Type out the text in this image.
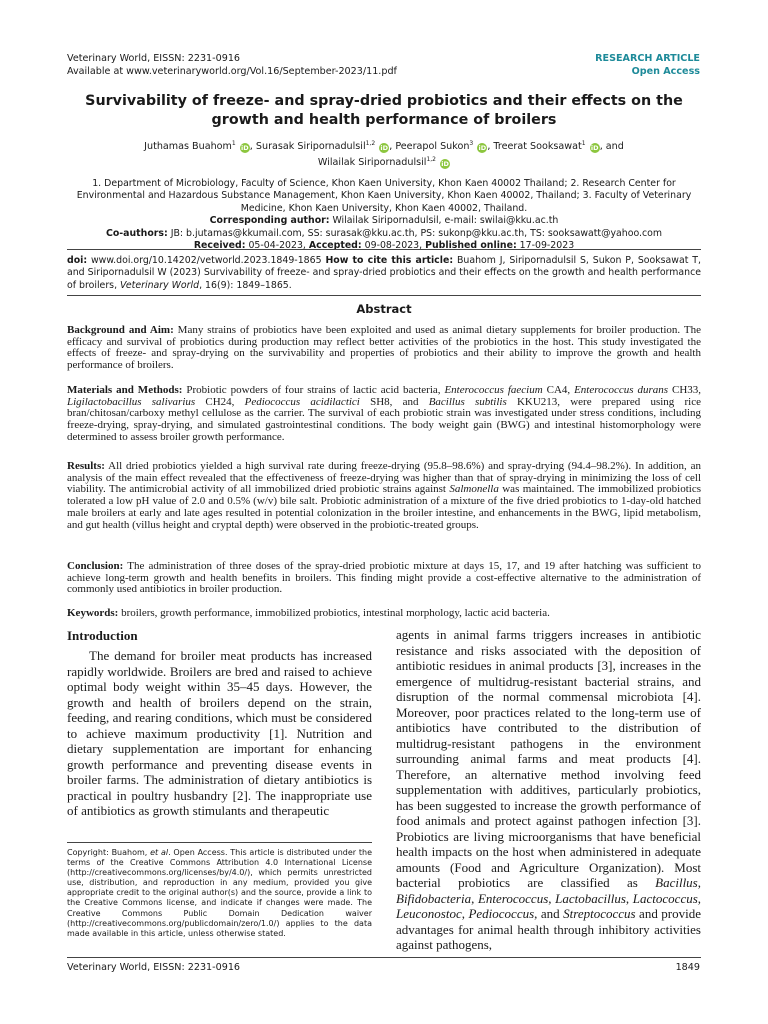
Veterinary World, EISSN: 2231-0916
Available at www.veterinaryworld.org/Vol.16/September-2023/11.pdf
RESEARCH ARTICLE
Open Access
Survivability of freeze- and spray-dried probiotics and their effects on the growth and health performance of broilers
Juthamas Buahom$^1$ iD, Surasak Siripornadulsil$^{1,2}$ iD, Peerapol Sukon$^3$ iD, Treerat Sooksawat$^1$ iD, and
Wilailak Siripornadulsil$^{1,2}$ iD
1. Department of Microbiology, Faculty of Science, Khon Kaen University, Khon Kaen 40002 Thailand; 2. Research Center for Environmental and Hazardous Substance Management, Khon Kaen University, Khon Kaen 40002, Thailand; 3. Faculty of Veterinary Medicine, Khon Kaen University, Khon Kaen 40002, Thailand.
Corresponding author: Wilailak Siripornadulsil, e-mail: swilai@kku.ac.th
Co-authors: JB: b.jutamas@kkumail.com, SS: surasak@kku.ac.th, PS: sukonp@kku.ac.th, TS: sooksawatt@yahoo.com
Received: 05-04-2023, Accepted: 09-08-2023, Published online: 17-09-2023
doi: www.doi.org/10.14202/vetworld.2023.1849-1865 How to cite this article: Buahom J, Siripornadulsil S, Sukon P, Sooksawat T, and Siripornadulsil W (2023) Survivability of freeze- and spray-dried probiotics and their effects on the growth and health performance of broilers, Veterinary World, 16(9): 1849–1865.
Abstract

Background and Aim: Many strains of probiotics have been exploited and used as animal dietary supplements for broiler production. The efficacy and survival of probiotics during production may reflect better activities of the probiotics in the host. This study investigated the effects of freeze- and spray-drying on the survivability and properties of probiotics and their ability to improve the growth and health performance of broilers.

Materials and Methods: Probiotic powders of four strains of lactic acid bacteria, Enterococcus faecium CA4, Enterococcus durans CH33, Ligilactobacillus salivarius CH24, Pediococcus acidilactici SH8, and Bacillus subtilis KKU213, were prepared using rice bran/chitosan/carboxy methyl cellulose as the carrier. The survival of each probiotic strain was investigated under stress conditions, including freeze-drying, spray-drying, and simulated gastrointestinal conditions. The body weight gain (BWG) and intestinal histomorphology were determined to assess broiler growth performance.

Results: All dried probiotics yielded a high survival rate during freeze-drying (95.8–98.6%) and spray-drying (94.4–98.2%). In addition, an analysis of the main effect revealed that the effectiveness of freeze-drying was higher than that of spray-drying in minimizing the loss of cell viability. The antimicrobial activity of all immobilized dried probiotic strains against Salmonella was maintained. The immobilized probiotics tolerated a low pH value of 2.0 and 0.5% (w/v) bile salt. Probiotic administration of a mixture of the five dried probiotics to 1-day-old hatched male broilers at early and late ages resulted in potential colonization in the broiler intestine, and enhancements in the BWG, lipid metabolism, and gut health (villus height and cryptal depth) were observed in the probiotic-treated groups.

Conclusion: The administration of three doses of the spray-dried probiotic mixture at days 15, 17, and 19 after hatching was sufficient to achieve long-term growth and health benefits in broilers. This finding might provide a cost-effective alternative to the administration of commonly used antibiotics in broiler production.

Keywords: broilers, growth performance, immobilized probiotics, intestinal morphology, lactic acid bacteria.

Introduction

The demand for broiler meat products has increased rapidly worldwide. Broilers are bred and raised to achieve optimal body weight within 35–45 days. However, the growth and health of broilers depend on the strain, feeding, and rearing conditions, which must be considered to achieve maximum productivity [1]. Nutrition and dietary supplementation are important for enhancing growth performance and preventing disease events in broiler farms. The administration of dietary antibiotics is practical in poultry husbandry [2]. The inappropriate use of antibiotics as growth stimulants and therapeutic

agents in animal farms triggers increases in antibiotic resistance and risks associated with the deposition of antibiotic residues in animal products [3], increases in the emergence of multidrug-resistant bacterial strains, and disruption of the normal commensal microbiota [4]. Moreover, poor practices related to the long-term use of antibiotics have contributed to the distribution of multidrug-resistant pathogens in the environment surrounding animal farms and meat products [4]. Therefore, an alternative method involving feed supplementation with additives, particularly probiotics, has been suggested to increase the growth performance of food animals and protect against pathogen infection [3]. Probiotics are living microorganisms that have beneficial health impacts on the host when administered in adequate amounts (Food and Agriculture Organization). Most bacterial probiotics are classified as Bacillus, Bifidobacteria, Enterococcus, Lactobacillus, Lactococcus, Leuconostoc, Pediococcus, and Streptococcus and provide advantages for animal health through inhibitory activities against pathogens,

Copyright: Buahom, et al. Open Access. This article is distributed under the terms of the Creative Commons Attribution 4.0 International License (http://creativecommons.org/licenses/by/4.0/), which permits unrestricted use, distribution, and reproduction in any medium, provided you give appropriate credit to the original author(s) and the source, provide a link to the Creative Commons license, and indicate if changes were made. The Creative Commons Public Domain Dedication waiver (http://creativecommons.org/publicdomain/zero/1.0/) applies to the data made available in this article, unless otherwise stated.

Veterinary World, EISSN: 2231-0916	1849
